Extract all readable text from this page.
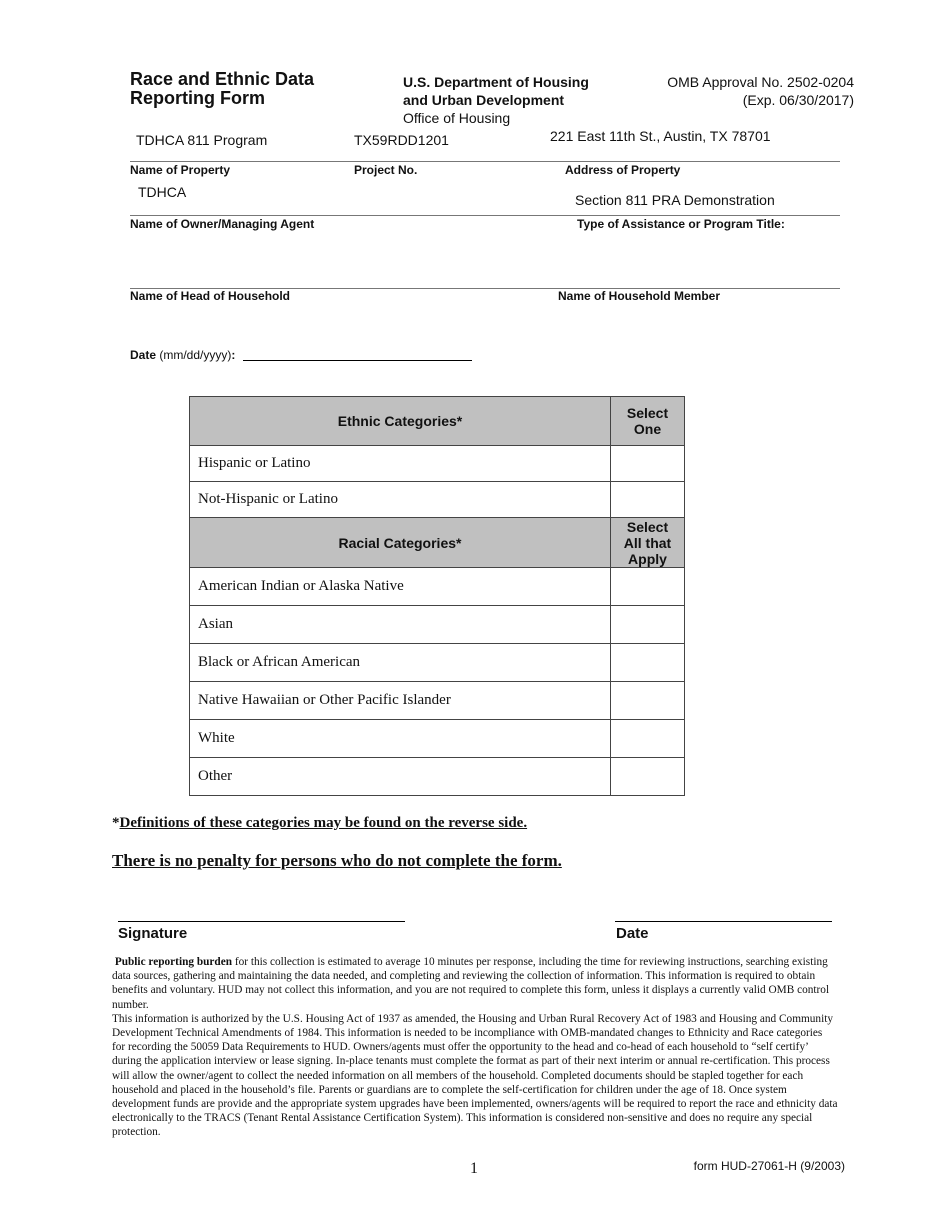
Race and Ethnic Data
Reporting Form
U.S. Department of Housing
and Urban Development
Office of Housing
OMB Approval No. 2502-0204
(Exp. 06/30/2017)
TDHCA 811 Program	TX59RDD1201	221 East 11th St., Austin, TX 78701
Name of Property	Project No.	Address of Property
TDHCA	Section 811 PRA Demonstration
Name of Owner/Managing Agent	Type of Assistance or Program Title:
Name of Head of Household	Name of Household Member
Date (mm/dd/yyyy):
Ethnic Categories*	Select
One

Hispanic or Latino	
Not-Hispanic or Latino	
Racial Categories*	Select
All that
Apply

American Indian or Alaska Native	
Asian	
Black or African American	
Native Hawaiian or Other Pacific Islander	
White	
Other	
*Definitions of these categories may be found on the reverse side.
There is no penalty for persons who do not complete the form.
Signature	Date

Public reporting burden for this collection is estimated to average 10 minutes per response, including the time for reviewing instructions, searching existing data sources, gathering and maintaining the data needed, and completing and reviewing the collection of information. This information is required to obtain benefits and voluntary. HUD may not collect this information, and you are not required to complete this form, unless it displays a currently valid OMB control number.

This information is authorized by the U.S. Housing Act of 1937 as amended, the Housing and Urban Rural Recovery Act of 1983 and Housing and Community Development Technical Amendments of 1984. This information is needed to be incompliance with OMB-mandated changes to Ethnicity and Race categories for recording the 50059 Data Requirements to HUD. Owners/agents must offer the opportunity to the head and co-head of each household to “self certify’ during the application interview or lease signing. In-place tenants must complete the format as part of their next interim or annual re-certification. This process will allow the owner/agent to collect the needed information on all members of the household. Completed documents should be stapled together for each household and placed in the household’s file. Parents or guardians are to complete the self-certification for children under the age of 18. Once system development funds are provide and the appropriate system upgrades have been implemented, owners/agents will be required to report the race and ethnicity data electronically to the TRACS (Tenant Rental Assistance Certification System). This information is considered non-sensitive and does no require any special protection.

1	form HUD-27061-H (9/2003)
